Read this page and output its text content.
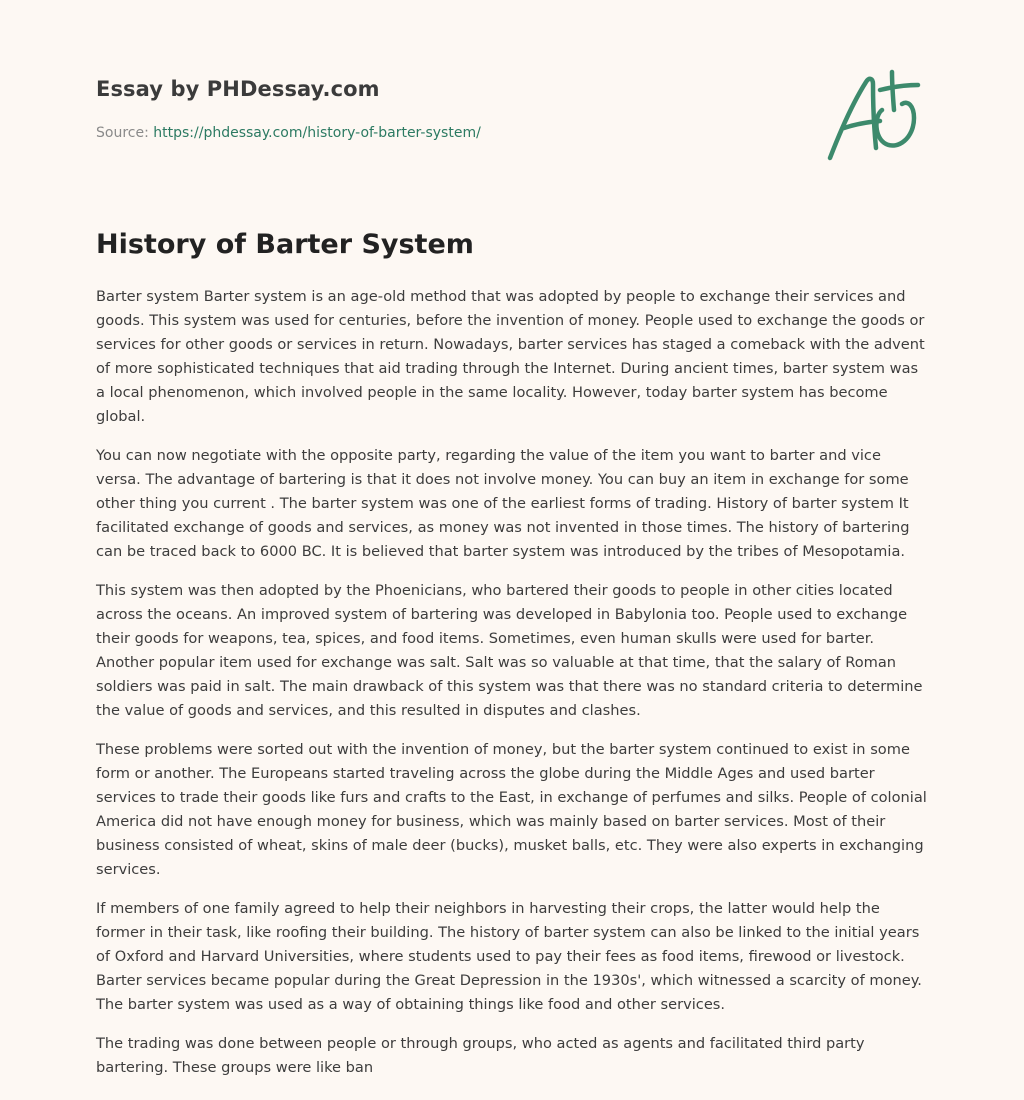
Essay by PHDessay.com
Source: https://phdessay.com/history-of-barter-system/
History of Barter System

Barter system Barter system is an age-old method that was adopted by people to exchange their services and goods. This system was used for centuries, before the invention of money. People used to exchange the goods or services for other goods or services in return. Nowadays, barter services has staged a comeback with the advent of more sophisticated techniques that aid trading through the Internet. During ancient times, barter system was a local phenomenon, which involved people in the same locality. However, today barter system has become global.

You can now negotiate with the opposite party, regarding the value of the item you want to barter and vice versa. The advantage of bartering is that it does not involve money. You can buy an item in exchange for some other thing you current . The barter system was one of the earliest forms of trading. History of barter system It facilitated exchange of goods and services, as money was not invented in those times. The history of bartering can be traced back to 6000 BC. It is believed that barter system was introduced by the tribes of Mesopotamia.

This system was then adopted by the Phoenicians, who bartered their goods to people in other cities located across the oceans. An improved system of bartering was developed in Babylonia too. People used to exchange their goods for weapons, tea, spices, and food items. Sometimes, even human skulls were used for barter. Another popular item used for exchange was salt. Salt was so valuable at that time, that the salary of Roman soldiers was paid in salt. The main drawback of this system was that there was no standard criteria to determine the value of goods and services, and this resulted in disputes and clashes.

These problems were sorted out with the invention of money, but the barter system continued to exist in some form or another. The Europeans started traveling across the globe during the Middle Ages and used barter services to trade their goods like furs and crafts to the East, in exchange of perfumes and silks. People of colonial America did not have enough money for business, which was mainly based on barter services. Most of their business consisted of wheat, skins of male deer (bucks), musket balls, etc. They were also experts in exchanging services.

If members of one family agreed to help their neighbors in harvesting their crops, the latter would help the former in their task, like roofing their building. The history of barter system can also be linked to the initial years of Oxford and Harvard Universities, where students used to pay their fees as food items, firewood or livestock. Barter services became popular during the Great Depression in the 1930s', which witnessed a scarcity of money. The barter system was used as a way of obtaining things like food and other services.

The trading was done between people or through groups, who acted as agents and facilitated third party bartering. These groups were like ban
